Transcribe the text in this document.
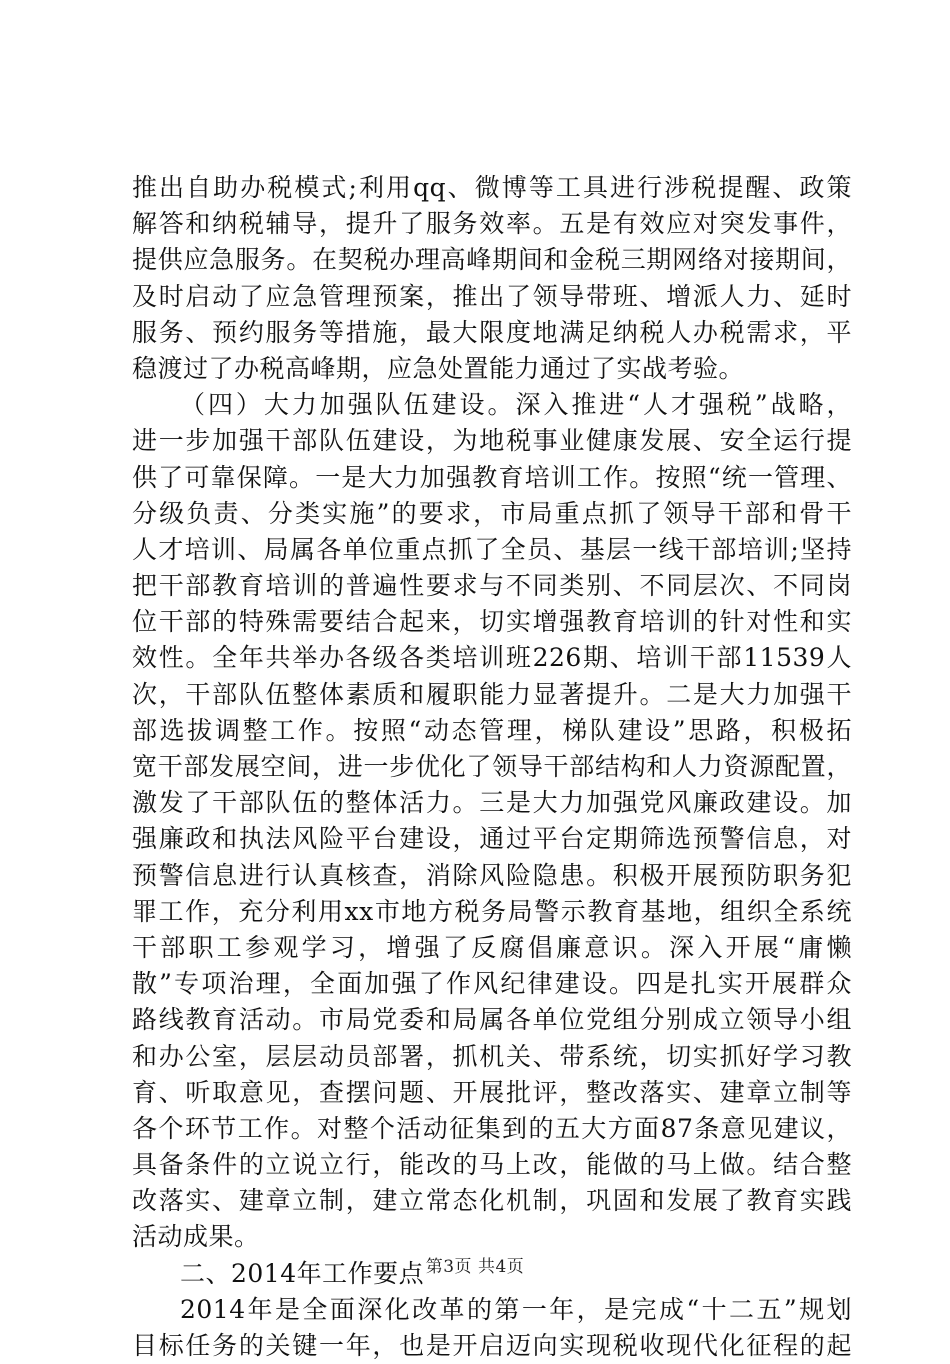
推出自助办税模式;利用qq、微博等工具进行涉税提醒、政策
解答和纳税辅导，提升了服务效率。五是有效应对突发事件，
提供应急服务。在契税办理高峰期间和金税三期网络对接期间，
及时启动了应急管理预案，推出了领导带班、增派人力、延时
服务、预约服务等措施，最大限度地满足纳税人办税需求，平
稳渡过了办税高峰期，应急处置能力通过了实战考验。
（四）大力加强队伍建设。深入推进“人才强税”战略，
进一步加强干部队伍建设，为地税事业健康发展、安全运行提
供了可靠保障。一是大力加强教育培训工作。按照“统一管理、
分级负责、分类实施”的要求，市局重点抓了领导干部和骨干
人才培训、局属各单位重点抓了全员、基层一线干部培训;坚持
把干部教育培训的普遍性要求与不同类别、不同层次、不同岗
位干部的特殊需要结合起来，切实增强教育培训的针对性和实
效性。全年共举办各级各类培训班226期、培训干部11539人
次，干部队伍整体素质和履职能力显著提升。二是大力加强干
部选拔调整工作。按照“动态管理，梯队建设”思路，积极拓
宽干部发展空间，进一步优化了领导干部结构和人力资源配置，
激发了干部队伍的整体活力。三是大力加强党风廉政建设。加
强廉政和执法风险平台建设，通过平台定期筛选预警信息，对
预警信息进行认真核查，消除风险隐患。积极开展预防职务犯
罪工作，充分利用xx市地方税务局警示教育基地，组织全系统
干部职工参观学习，增强了反腐倡廉意识。深入开展“庸懒
散”专项治理，全面加强了作风纪律建设。四是扎实开展群众
路线教育活动。市局党委和局属各单位党组分别成立领导小组
和办公室，层层动员部署，抓机关、带系统，切实抓好学习教
育、听取意见，查摆问题、开展批评，整改落实、建章立制等
各个环节工作。对整个活动征集到的五大方面87条意见建议，
具备条件的立说立行，能改的马上改，能做的马上做。结合整
改落实、建章立制，建立常态化机制，巩固和发展了教育实践
活动成果。
二、2014年工作要点
2014年是全面深化改革的第一年，是完成“十二五”规划
目标任务的关键一年，也是开启迈向实现税收现代化征程的起
第3页 共4页
